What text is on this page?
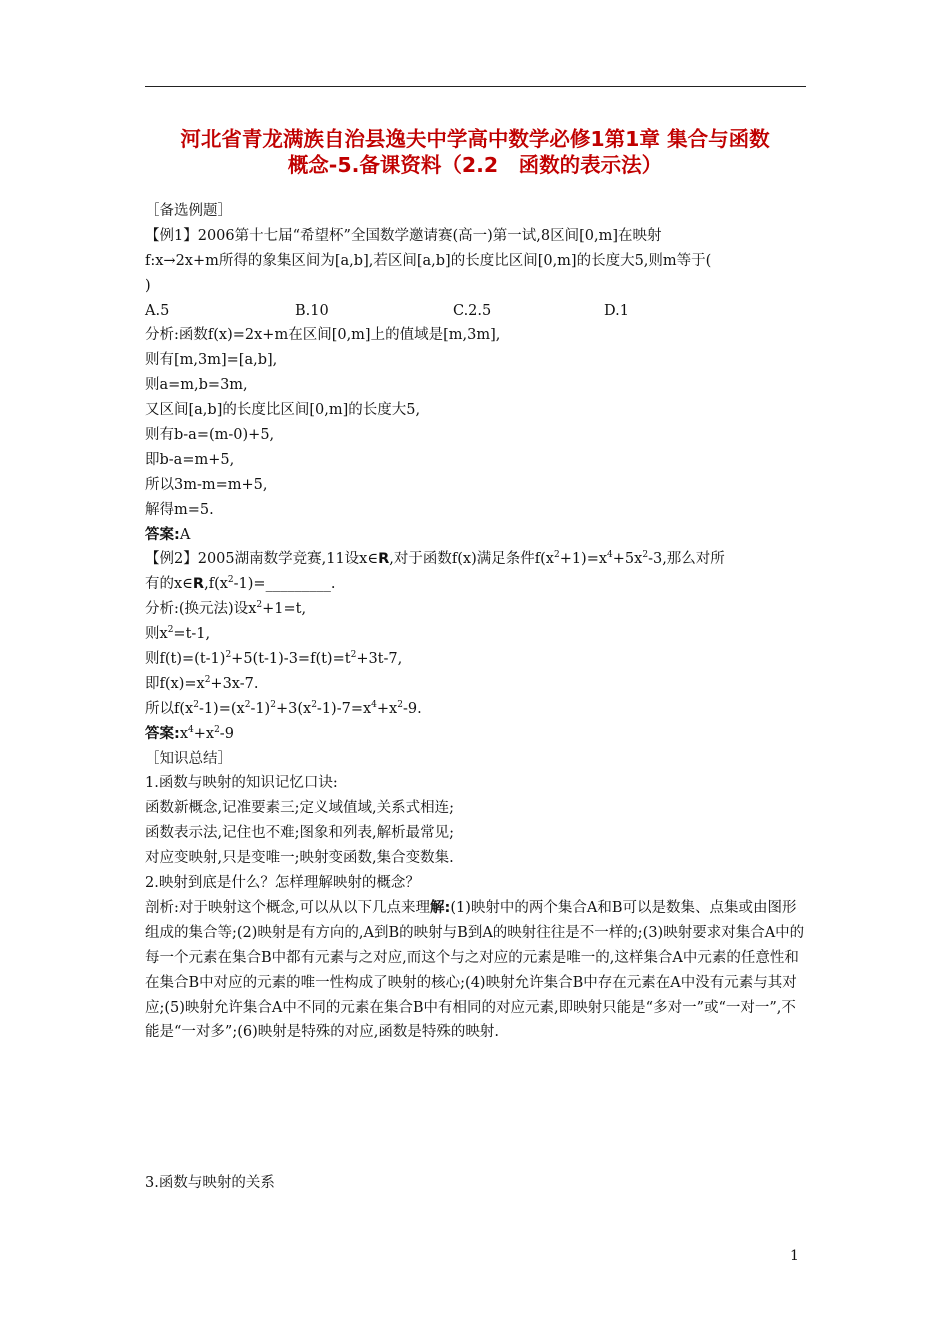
河北省青龙满族自治县逸夫中学高中数学必修1第1章 集合与函数
概念-5.备课资料（2.2　函数的表示法）
［备选例题］
【例1】2006第十七届“希望杯”全国数学邀请赛(高一)第一试,8区间[0,m]在映射
f:x→2x+m所得的象集区间为[a,b],若区间[a,b]的长度比区间[0,m]的长度大5,则m等于(
)
A.5	B.10	C.2.5	D.1
分析:函数f(x)=2x+m在区间[0,m]上的值域是[m,3m],
则有[m,3m]=[a,b],
则a=m,b=3m,
又区间[a,b]的长度比区间[0,m]的长度大5,
则有b-a=(m-0)+5,
即b-a=m+5,
所以3m-m=m+5,
解得m=5.
答案:A
【例2】2005湖南数学竞赛,11设x∈R,对于函数f(x)满足条件$f(x^2+1)=x^4+5x^2-3$,那么对所
有的$x\in R,f(x^2-1)=\_\_\_\_\_\_\_\_\_$.
分析:(换元法)设$x^2+1=t$,
则$x^2=t-1$,
则$f(t)=(t-1)^2+5(t-1)-3=f(t)=t^2+3t-7$,
即$f(x)=x^2+3x-7$.
所以$f(x^2-1)=(x^2-1)^2+3(x^2-1)-7=x^4+x^2-9$.
答案$:x^4+x^2-9$
［知识总结］
1.函数与映射的知识记忆口诀:
函数新概念,记准要素三;定义域值域,关系式相连;
函数表示法,记住也不难;图象和列表,解析最常见;
对应变映射,只是变唯一;映射变函数,集合变数集.
2.映射到底是什么？怎样理解映射的概念？
剖析:对于映射这个概念,可以从以下几点来理解:(1)映射中的两个集合A和B可以是数集、点集或由图形组成的集合等;(2)映射是有方向的,A到B的映射与B到A的映射往往是不一样的;(3)映射要求对集合A中的每一个元素在集合B中都有元素与之对应,而这个与之对应的元素是唯一的,这样集合A中元素的任意性和在集合B中对应的元素的唯一性构成了映射的核心;(4)映射允许集合B中存在元素在A中没有元素与其对应;(5)映射允许集合A中不同的元素在集合B中有相同的对应元素,即映射只能是“多对一”或“一对一”,不能是“一对多”;(6)映射是特殊的对应,函数是特殊的映射.
3.函数与映射的关系
1
